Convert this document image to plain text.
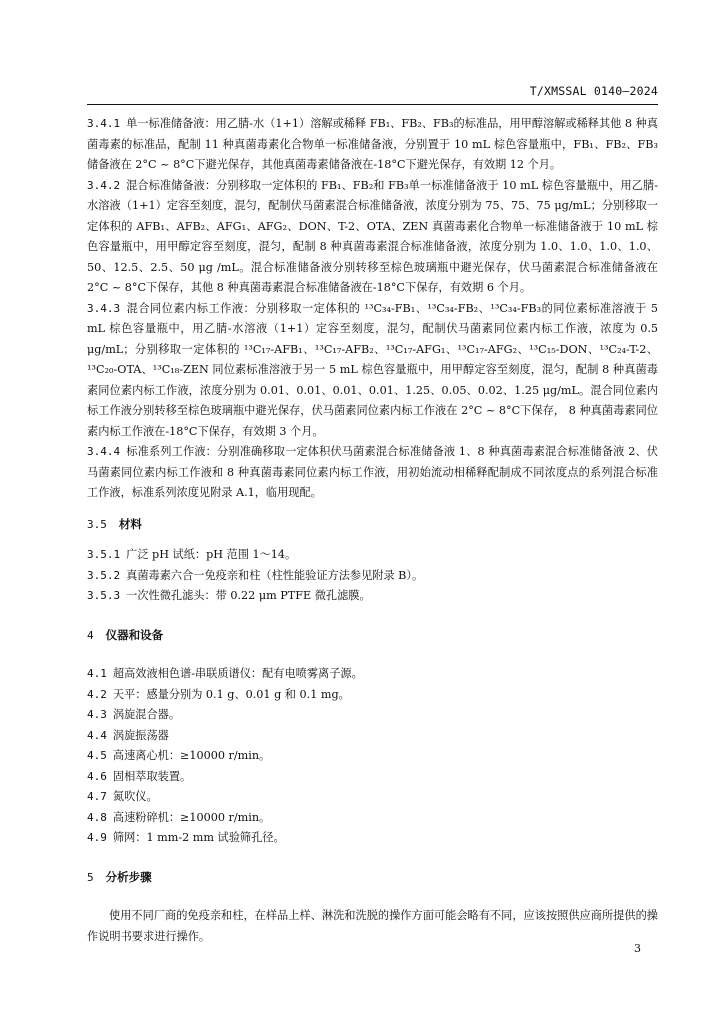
T/XMSSAL 0140—2024

3.4.1 单一标准储备液：用乙腈-水（1+1）溶解或稀释 FB₁、FB₂、FB₃的标准品，用甲醇溶解或稀释其他 8 种真菌毒素的标准品，配制 11 种真菌毒素化合物单一标准储备液，分别置于 10 mL 棕色容量瓶中，FB₁、FB₂、FB₃储备液在 2°C ~ 8°C下避光保存，其他真菌毒素储备液在-18°C下避光保存，有效期 12 个月。

3.4.2 混合标准储备液：分别移取一定体积的 FB₁、FB₂和 FB₃单一标准储备液于 10 mL 棕色容量瓶中，用乙腈-水溶液（1+1）定容至刻度，混匀，配制伏马菌素混合标准储备液，浓度分别为 75、75、75 μg/mL；分别移取一定体积的 AFB₁、AFB₂、AFG₁、AFG₂、DON、T-2、OTA、ZEN 真菌毒素化合物单一标准储备液于 10 mL 棕色容量瓶中，用甲醇定容至刻度，混匀，配制 8 种真菌毒素混合标准储备液，浓度分别为 1.0、1.0、1.0、1.0、50、12.5、2.5、50 μg /mL。混合标准储备液分别转移至棕色玻璃瓶中避光保存，伏马菌素混合标准储备液在 2°C ~ 8°C下保存，其他 8 种真菌毒素混合标准储备液在-18°C下保存，有效期 6 个月。

3.4.3 混合同位素内标工作液：分别移取一定体积的 ¹³C₃₄-FB₁、¹³C₃₄-FB₂、¹³C₃₄-FB₃的同位素标准溶液于 5 mL 棕色容量瓶中，用乙腈-水溶液（1+1）定容至刻度，混匀，配制伏马菌素同位素内标工作液，浓度为 0.5 μg/mL；分别移取一定体积的 ¹³C₁₇-AFB₁、¹³C₁₇-AFB₂、¹³C₁₇-AFG₁、¹³C₁₇-AFG₂、¹³C₁₅-DON、¹³C₂₄-T-2、¹³C₂₀-OTA、¹³C₁₈-ZEN 同位素标准溶液于另一 5 mL 棕色容量瓶中，用甲醇定容至刻度，混匀，配制 8 种真菌毒素同位素内标工作液，浓度分别为 0.01、0.01、0.01、0.01、1.25、0.05、0.02、1.25 μg/mL。混合同位素内标工作液分别转移至棕色玻璃瓶中避光保存，伏马菌素同位素内标工作液在 2°C ~ 8°C下保存， 8 种真菌毒素同位素内标工作液在-18°C下保存，有效期 3 个月。

3.4.4 标准系列工作液：分别准确移取一定体积伏马菌素混合标准储备液 1、8 种真菌毒素混合标准储备液 2、伏马菌素同位素内标工作液和 8 种真菌毒素同位素内标工作液，用初始流动相稀释配制成不同浓度点的系列混合标准工作液，标准系列浓度见附录 A.1，临用现配。

3.5 材料

3.5.1 广泛 pH 试纸：pH 范围 1～14。

3.5.2 真菌毒素六合一免疫亲和柱（柱性能验证方法参见附录 B）。

3.5.3 一次性微孔滤头：带 0.22 μm PTFE 微孔滤膜。

4 仪器和设备

4.1 超高效液相色谱-串联质谱仪：配有电喷雾离子源。

4.2 天平：感量分别为 0.1 g、0.01 g 和 0.1 mg。

4.3 涡旋混合器。

4.4 涡旋振荡器

4.5 高速离心机：≥10000 r/min。

4.6 固相萃取装置。

4.7 氮吹仪。

4.8 高速粉碎机：≥10000 r/min。

4.9 筛网：1 mm-2 mm 试验筛孔径。

5 分析步骤

使用不同厂商的免疫亲和柱，在样品上样、淋洗和洗脱的操作方面可能会略有不同，应该按照供应商所提供的操作说明书要求进行操作。

3
